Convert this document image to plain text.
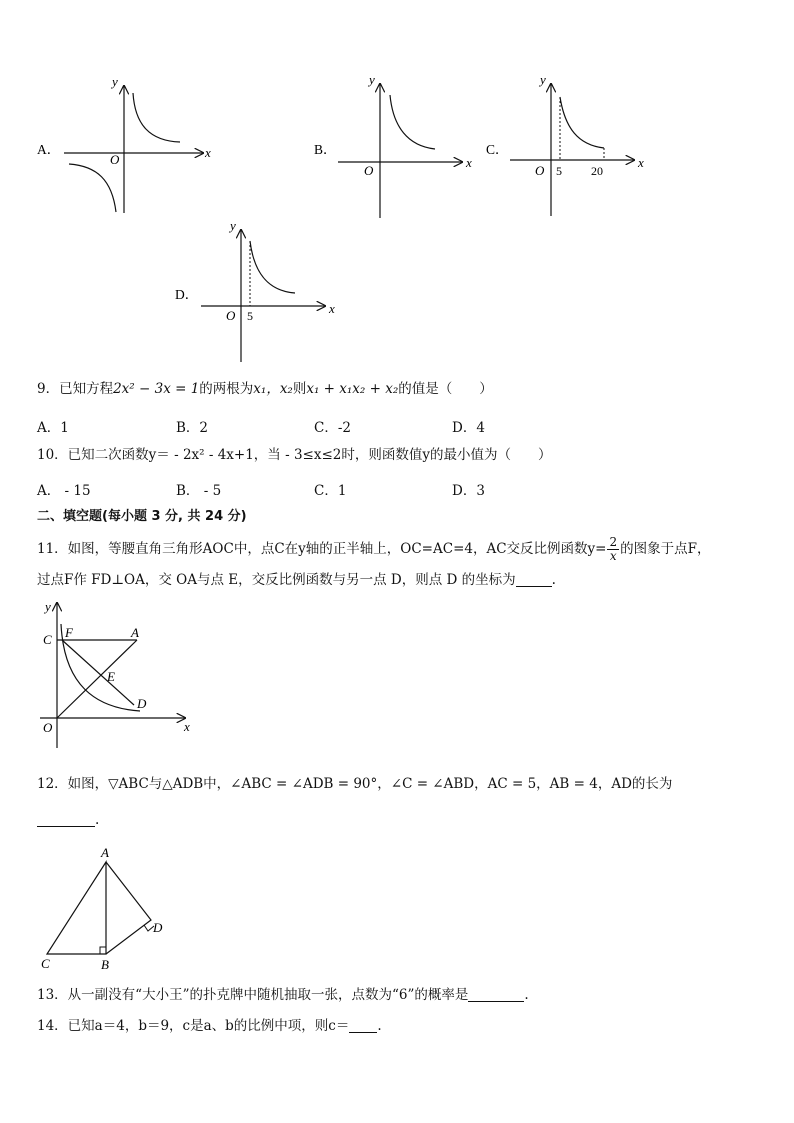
A．	x
y
O
B．
x
y
O
C．
x
y
O 5 20
D．
x
y
O 5
9．已知方程2x² − 3x = 1的两根为x₁，x₂则x₁ + x₁x₂ + x₂的值是（　　）
A．1	B．2	C．-2	D．4
10．已知二次函数y＝ - 2x² - 4x+1，当 - 3≤x≤2时，则函数值y的最小值为（　　）
A． - 15	B． - 5	C．1	D．3
二、填空题(每小题 3 分, 共 24 分)
11．如图，等腰直角三角形AOC中，点C在y轴的正半轴上，OC=AC=4，AC交反比例函数$y= \frac{2}{x}$ 的图象于点F，
过点F作 FD⊥OA，交 OA与点 E，交反比例函数与另一点 D，则点 D 的坐标为	.
y
x
O
C F	A
E
D
12．如图，▽ABC与△ADB中，∠ABC = ∠ADB = 90°，∠C = ∠ABD，AC = 5，AB = 4，AD的长为
.
A
C	B
D
13．从一副没有“大小王”的扑克牌中随机抽取一张，点数为“6”的概率是	.
14．已知a＝4，b＝9，c是a、b的比例中项，则c＝ .
